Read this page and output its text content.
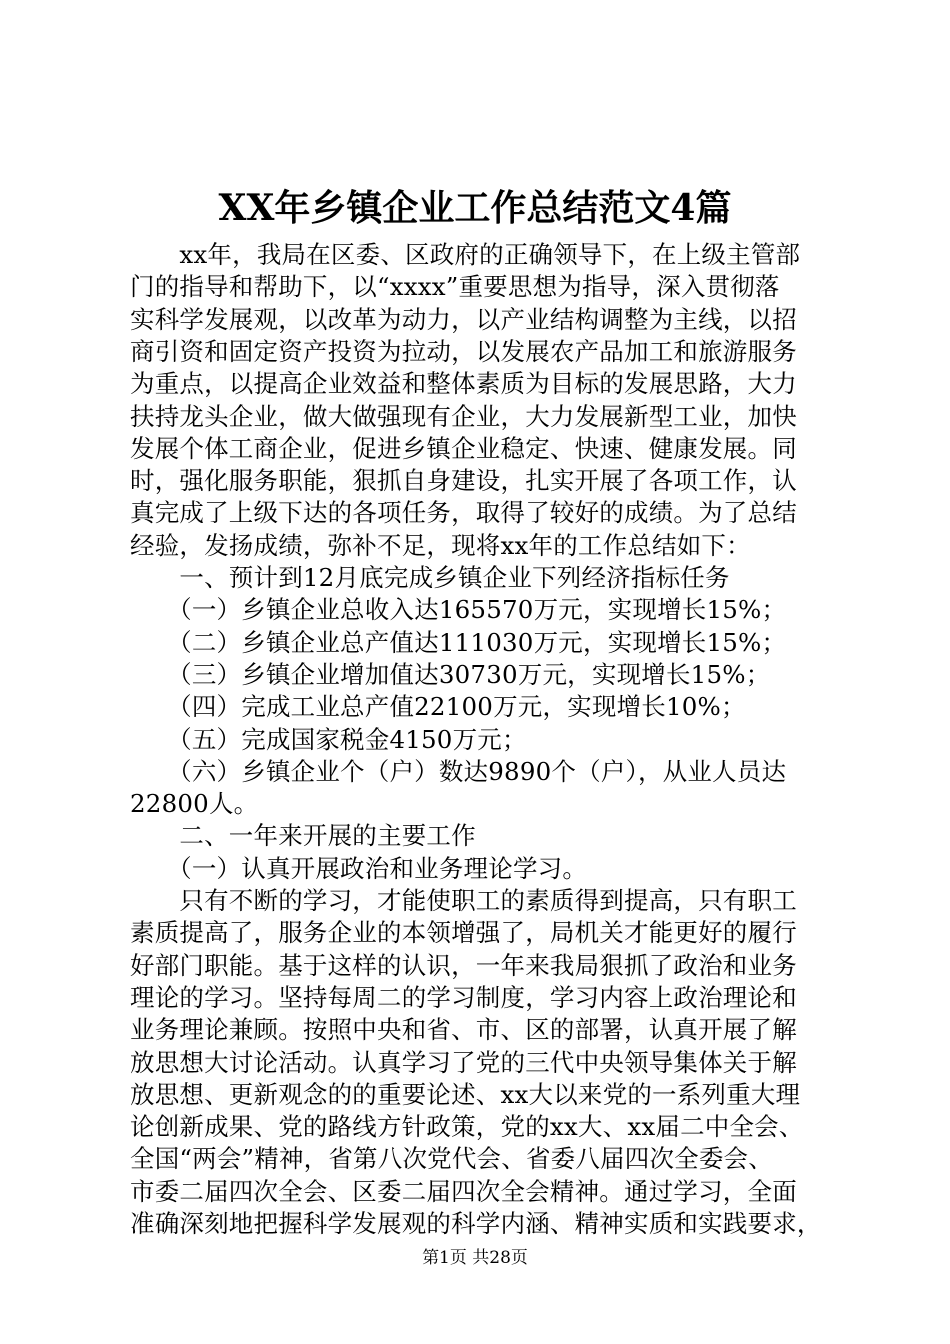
XX年乡镇企业工作总结范文4篇
　　xx年，我局在区委、区政府的正确领导下，在上级主管部
门的指导和帮助下，以“xxxx”重要思想为指导，深入贯彻落
实科学发展观，以改革为动力，以产业结构调整为主线，以招
商引资和固定资产投资为拉动，以发展农产品加工和旅游服务
为重点，以提高企业效益和整体素质为目标的发展思路，大力
扶持龙头企业，做大做强现有企业，大力发展新型工业，加快
发展个体工商企业，促进乡镇企业稳定、快速、健康发展。同
时，强化服务职能，狠抓自身建设，扎实开展了各项工作，认
真完成了上级下达的各项任务，取得了较好的成绩。为了总结
经验，发扬成绩，弥补不足，现将xx年的工作总结如下：
　　一、预计到12月底完成乡镇企业下列经济指标任务
　　（一）乡镇企业总收入达165570万元，实现增长15%；
　　（二）乡镇企业总产值达111030万元，实现增长15%；
　　（三）乡镇企业增加值达30730万元，实现增长15%；
　　（四）完成工业总产值22100万元，实现增长10%；
　　（五）完成国家税金4150万元；
　　（六）乡镇企业个（户）数达9890个（户），从业人员达
22800人。
　　二、一年来开展的主要工作
　　（一）认真开展政治和业务理论学习。
　　只有不断的学习，才能使职工的素质得到提高，只有职工
素质提高了，服务企业的本领增强了，局机关才能更好的履行
好部门职能。基于这样的认识，一年来我局狠抓了政治和业务
理论的学习。坚持每周二的学习制度，学习内容上政治理论和
业务理论兼顾。按照中央和省、市、区的部署，认真开展了解
放思想大讨论活动。认真学习了党的三代中央领导集体关于解
放思想、更新观念的的重要论述、xx大以来党的一系列重大理
论创新成果、党的路线方针政策，党的xx大、xx届二中全会、
全国“两会”精神，省第八次党代会、省委八届四次全委会、
市委二届四次全会、区委二届四次全会精神。通过学习，全面
准确深刻地把握科学发展观的科学内涵、精神实质和实践要求，
第1页 共28页
